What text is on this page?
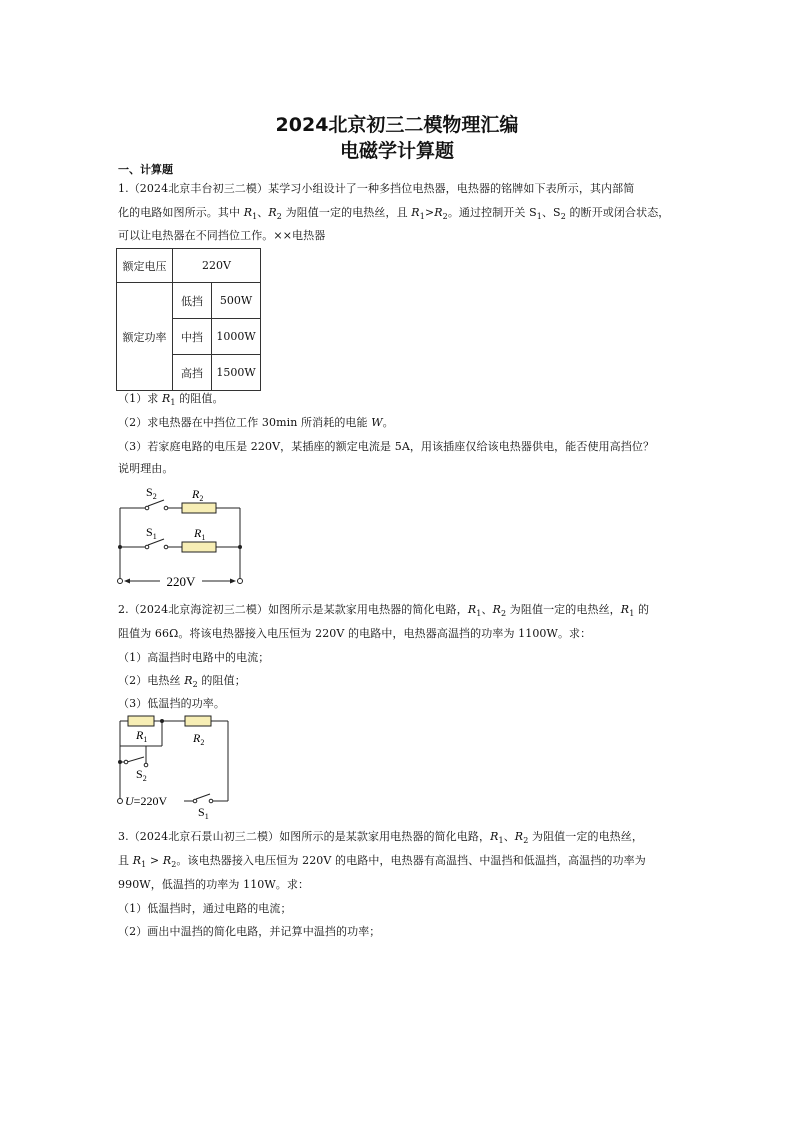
2024北京初三二模物理汇编
电磁学计算题
一、计算题
1.（2024北京丰台初三二模）某学习小组设计了一种多挡位电热器，电热器的铭牌如下表所示，其内部简
化的电路如图所示。其中 $R_1$、$R_2$ 为阻值一定的电热丝，且 $R_1>R_2$。通过控制开关 $S_1$、$S_2$ 的断开或闭合状态，
可以让电热器在不同挡位工作。××电热器
额定电压	220V	
额定功率	低挡	500W
	中挡	1000W
	高挡	1500W
（1）求 $R_1$ 的阻值。
（2）求电热器在中挡位工作 30min 所消耗的电能 W。
（3）若家庭电路的电压是 220V，某插座的额定电流是 5A，用该插座仅给该电热器供电，能否使用高挡位？
说明理由。
220V
$S_2$
$S_1$
$R_2$
$R_1$
2.（2024北京海淀初三二模）如图所示是某款家用电热器的简化电路，$R_1$、$R_2$ 为阻值一定的电热丝，$R_1$ 的
阻值为 66Ω。将该电热器接入电压恒为 220V 的电路中，电热器高温挡的功率为 1100W。求：
（1）高温挡时电路中的电流；
（2）电热丝 $R_2$ 的阻值；
（3）低温挡的功率。
$R_1$	$R_2$
$S_2$
U=220V
$S_1$
3.（2024北京石景山初三二模）如图所示的是某款家用电热器的简化电路，$R_1$、$R_2$ 为阻值一定的电热丝，
且 $R_1 > R_2$。该电热器接入电压恒为 220V 的电路中，电热器有高温挡、中温挡和低温挡，高温挡的功率为
990W，低温挡的功率为 110W。求：
（1）低温挡时，通过电路的电流；
（2）画出中温挡的简化电路，并记算中温挡的功率；
